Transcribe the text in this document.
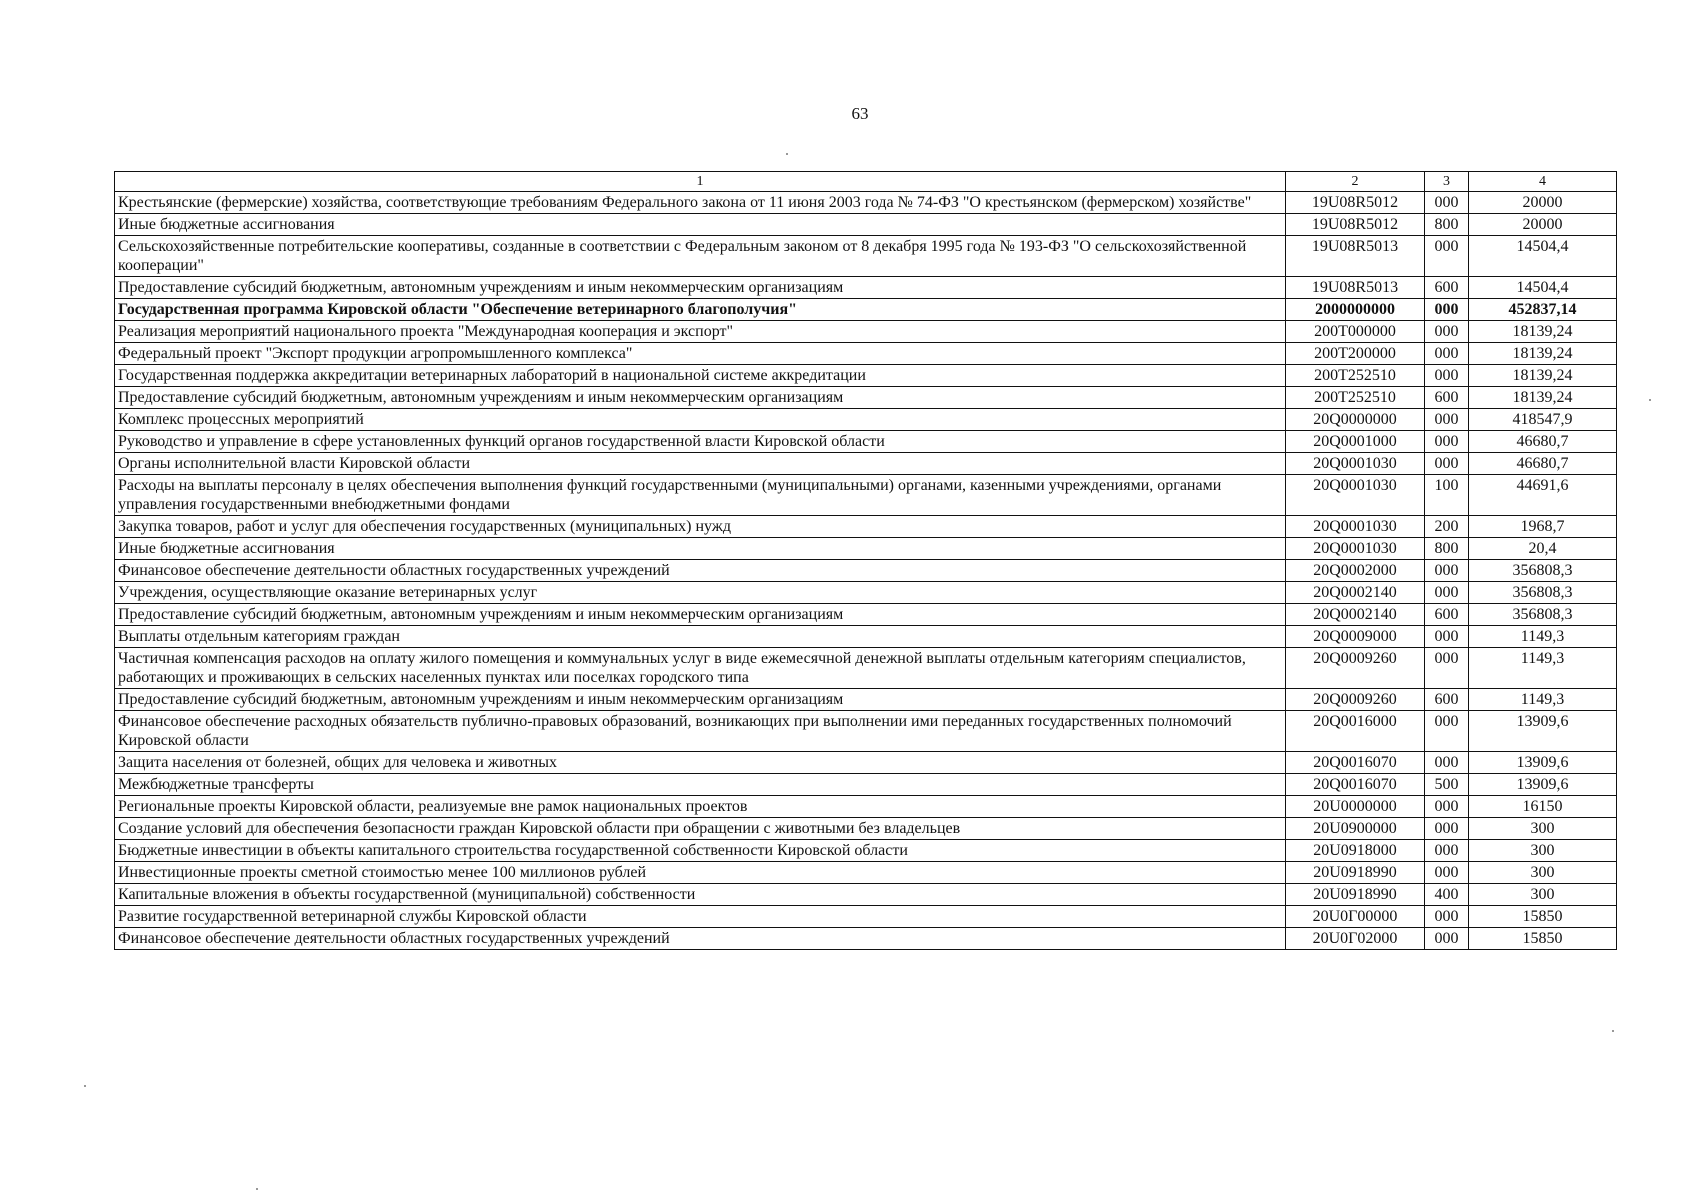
63
1	2	3	4
Крестьянские (фермерские) хозяйства, соответствующие требованиям Федерального закона от 11 июня 2003 года № 74-ФЗ "О крестьянском (фермерском) хозяйстве"	19U08R5012	000	20000
Иные бюджетные ассигнования	19U08R5012	800	20000
Сельскохозяйственные потребительские кооперативы, созданные в соответствии с Федеральным законом от 8 декабря 1995 года № 193-ФЗ "О сельскохозяйственной кооперации"	19U08R5013	000	14504,4
Предоставление субсидий бюджетным, автономным учреждениям и иным некоммерческим организациям	19U08R5013	600	14504,4
Государственная программа Кировской области "Обеспечение ветеринарного благополучия"	2000000000	000	452837,14
Реализация мероприятий национального проекта "Международная кооперация и экспорт"	200T000000	000	18139,24
Федеральный проект "Экспорт продукции агропромышленного комплекса"	200T200000	000	18139,24
Государственная поддержка аккредитации ветеринарных лабораторий в национальной системе аккредитации	200T252510	000	18139,24
Предоставление субсидий бюджетным, автономным учреждениям и иным некоммерческим организациям	200T252510	600	18139,24
Комплекс процессных мероприятий	20Q0000000	000	418547,9
Руководство и управление в сфере установленных функций органов государственной власти Кировской области	20Q0001000	000	46680,7
Органы исполнительной власти Кировской области	20Q0001030	000	46680,7
Расходы на выплаты персоналу в целях обеспечения выполнения функций государственными (муниципальными) органами, казенными учреждениями, органами управления государственными внебюджетными фондами	20Q0001030	100	44691,6
Закупка товаров, работ и услуг для обеспечения государственных (муниципальных) нужд	20Q0001030	200	1968,7
Иные бюджетные ассигнования	20Q0001030	800	20,4
Финансовое обеспечение деятельности областных государственных учреждений	20Q0002000	000	356808,3
Учреждения, осуществляющие оказание ветеринарных услуг	20Q0002140	000	356808,3
Предоставление субсидий бюджетным, автономным учреждениям и иным некоммерческим организациям	20Q0002140	600	356808,3
Выплаты отдельным категориям граждан	20Q0009000	000	1149,3
Частичная компенсация расходов на оплату жилого помещения и коммунальных услуг в виде ежемесячной денежной выплаты отдельным категориям специалистов, работающих и проживающих в сельских населенных пунктах или поселках городского типа	20Q0009260	000	1149,3
Предоставление субсидий бюджетным, автономным учреждениям и иным некоммерческим организациям	20Q0009260	600	1149,3
Финансовое обеспечение расходных обязательств публично-правовых образований, возникающих при выполнении ими переданных государственных полномочий Кировской области	20Q0016000	000	13909,6
Защита населения от болезней, общих для человека и животных	20Q0016070	000	13909,6
Межбюджетные трансферты	20Q0016070	500	13909,6
Региональные проекты Кировской области, реализуемые вне рамок национальных проектов	20U0000000	000	16150
Создание условий для обеспечения безопасности граждан Кировской области при обращении с животными без владельцев	20U0900000	000	300
Бюджетные инвестиции в объекты капитального строительства государственной собственности Кировской области	20U0918000	000	300
Инвестиционные проекты сметной стоимостью менее 100 миллионов рублей	20U0918990	000	300
Капитальные вложения в объекты государственной (муниципальной) собственности	20U0918990	400	300
Развитие государственной ветеринарной службы Кировской области	20U0Г00000	000	15850
Финансовое обеспечение деятельности областных государственных учреждений	20U0Г02000	000	15850
